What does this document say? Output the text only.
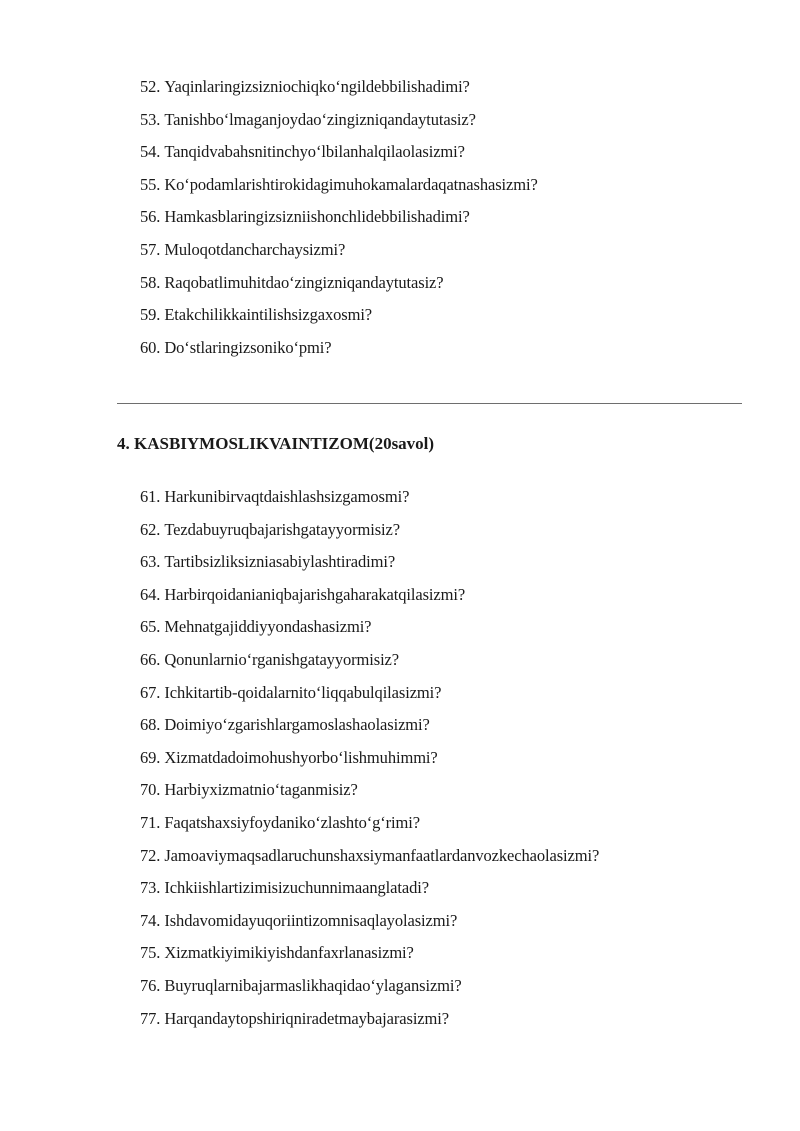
52. Yaqinlaringizsizniochiqko‘ngildebbilishadimi?
53. Tanishbo‘lmaganjoydao‘zingizniqandaytutasiz?
54. Tanqidvabahsnitinchyo‘lbilanhalqilaolasizmi?
55. Ko‘podamlarishtirokidagimuhokamalardaqatnashasizmi?
56. Hamkasblaringizsizniishonchlidebbilishadimi?
57. Muloqotdancharchaysizmi?
58. Raqobatlimuhitdao‘zingizniqandaytutasiz?
59. Etakchilikkaintilishsizgaxosmi?
60. Do‘stlaringizsoniko‘pmi?
4. KASBIYMOSLIKVAINTIZOM(20savol)
61. Harkunibirvaqtdaishlashsizgamosmi?
62. Tezdabuyruqbajarishgatayyormisiz?
63. Tartibsizliksizniasabiylashtiradimi?
64. Harbirqoidanianiqbajarishgaharakatqilasizmi?
65. Mehnatgajiddiyyondashasizmi?
66. Qonunlarnio‘rganishgatayyormisiz?
67. Ichkitartib-qoidalarnito‘liqqabulqilasizmi?
68. Doimiyo‘zgarishlargamoslashaolasizmi?
69. Xizmatdadoimohushyorbo‘lishmuhimmi?
70. Harbiyxizmatnio‘taganmisiz?
71. Faqatshaxsiyfoydaniko‘zlashto‘g‘rimi?
72. Jamoaviymaqsadlaruchunshaxsiymanfaatlardanvozkechaolasizmi?
73. Ichkiishlartizimisizuchunnimaanglatadi?
74. Ishdavomidayuqoriintizomnisaqlayolasizmi?
75. Xizmatkiyimikiyishdanfaxrlanasizmi?
76. Buyruqlarnibajarmaslikhaqidao‘ylagansizmi?
77. Harqandaytopshiriqniradetmaybajarasizmi?
